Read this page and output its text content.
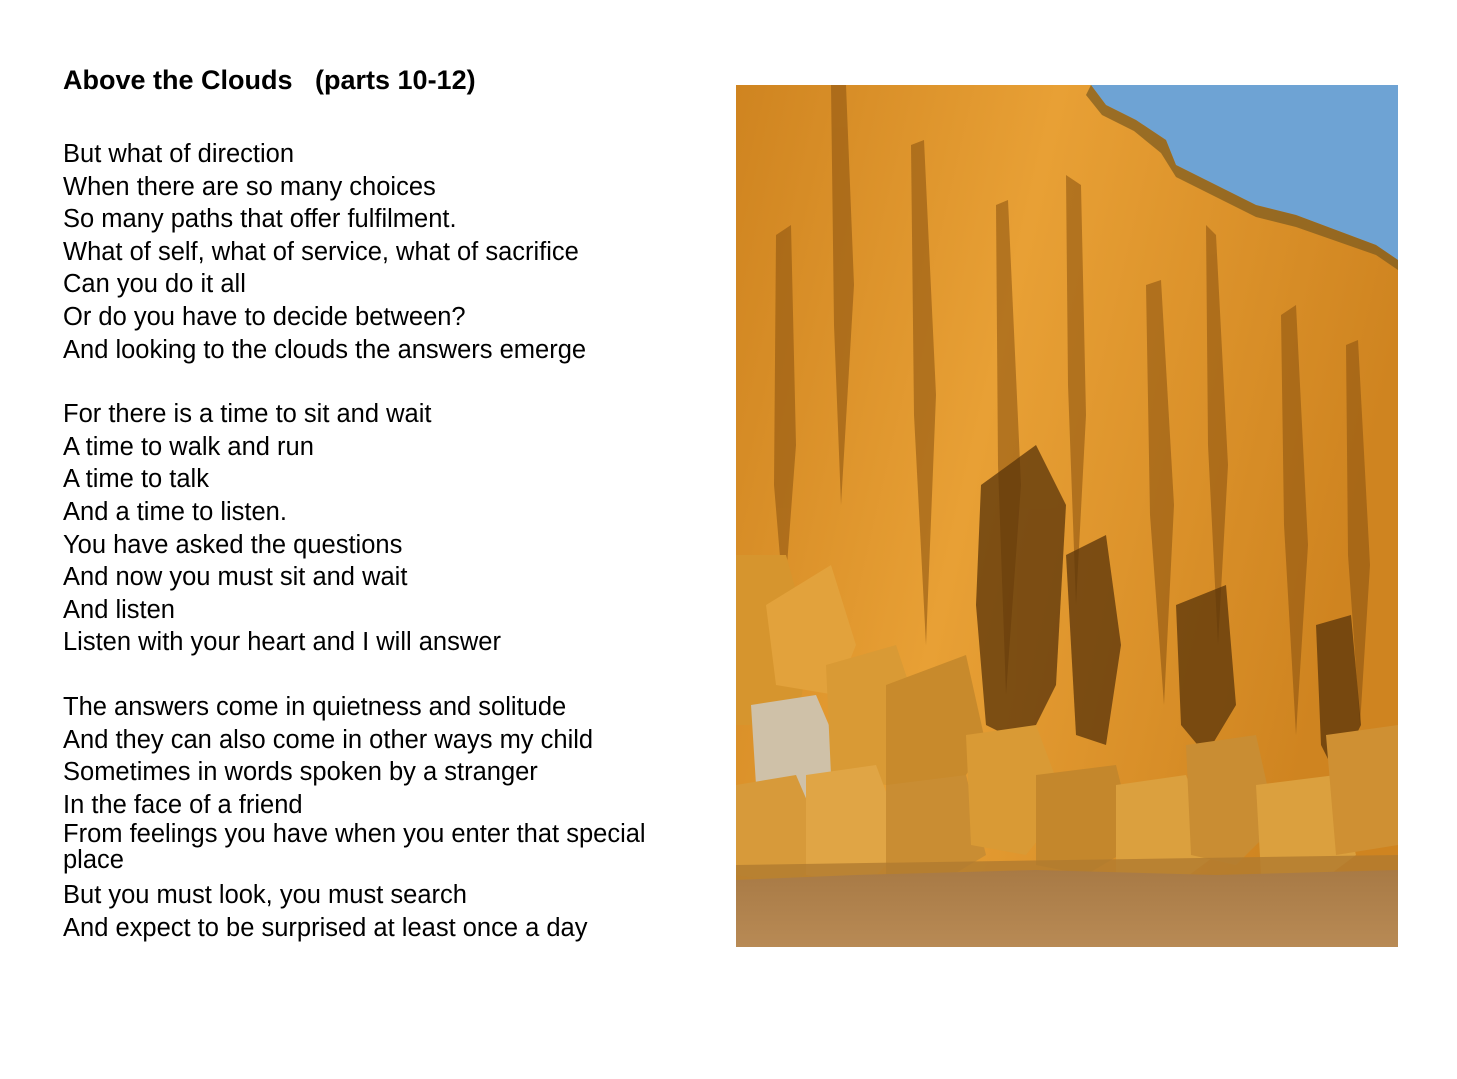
Above the Clouds   (parts 10-12)
But what of direction
When there are so many choices
So many paths that offer fulfilment.
What of self, what of service, what of sacrifice
Can you do it all
Or do you have to decide between?
And looking to the clouds the answers emerge
For there is a time to sit and wait
A time to walk and run
A time to talk
And a time to listen.
You have asked the questions
And now you must sit and wait
And listen
Listen with your heart and I will answer
The answers come in quietness and solitude
And they can also come in other ways my child
Sometimes in words spoken by a stranger
In the face of a friend
From feelings you have when you enter that special place
But you must look, you must search
And expect to be surprised at least once a day
